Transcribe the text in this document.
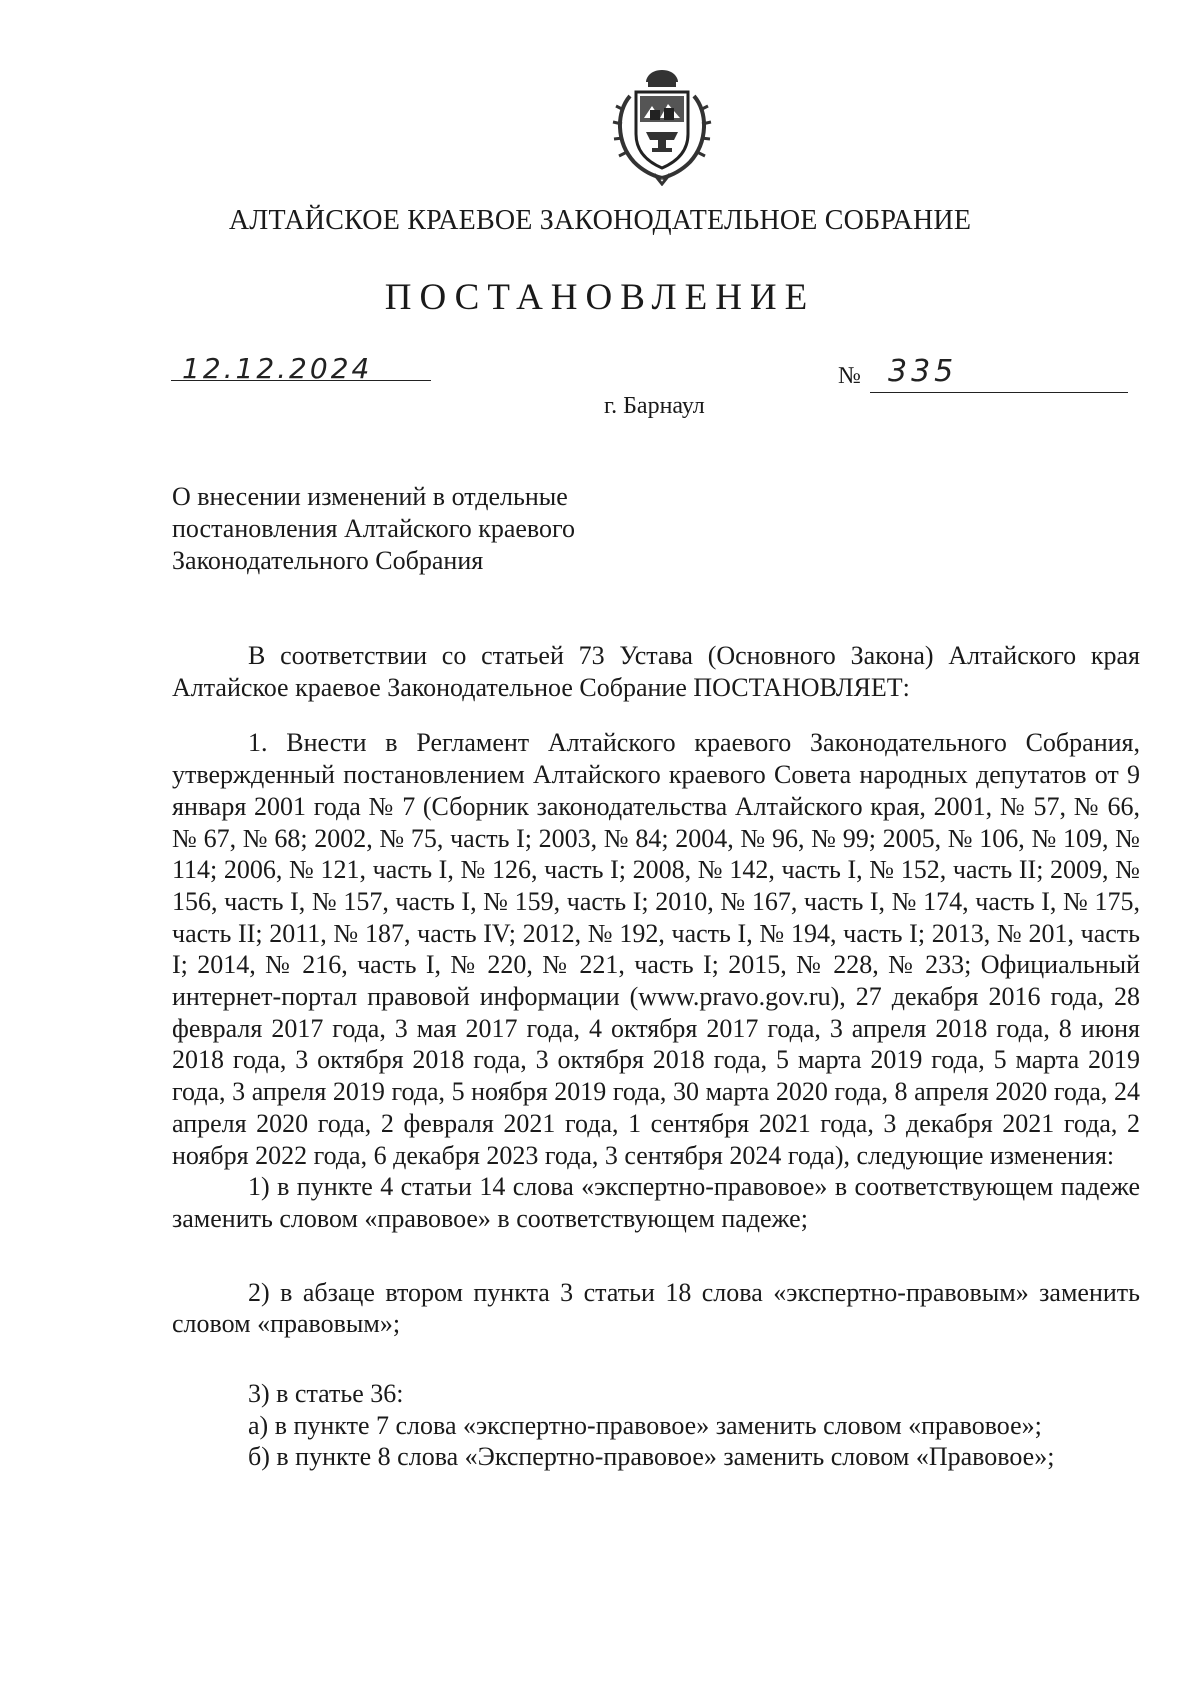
АЛТАЙСКОЕ КРАЕВОЕ ЗАКОНОДАТЕЛЬНОЕ СОБРАНИЕ
ПОСТАНОВЛЕНИЕ
12.12.2024	№ 335
г. Барнаул
О внесении изменений в отдельные
постановления Алтайского краевого
Законодательного Собрания
В соответствии со статьей 73 Устава (Основного Закона) Алтайского края Алтайское краевое Законодательное Собрание ПОСТАНОВЛЯЕТ:
1. Внести в Регламент Алтайского краевого Законодательного Собрания, утвержденный постановлением Алтайского краевого Совета народных депутатов от 9 января 2001 года № 7 (Сборник законодательства Алтайского края, 2001, № 57, № 66, № 67, № 68; 2002, № 75, часть I; 2003, № 84; 2004, № 96, № 99; 2005, № 106, № 109, № 114; 2006, № 121, часть I, № 126, часть I; 2008, № 142, часть I, № 152, часть II; 2009, № 156, часть I, № 157, часть I, № 159, часть I; 2010, № 167, часть I, № 174, часть I, № 175, часть II; 2011, № 187, часть IV; 2012, № 192, часть I, № 194, часть I; 2013, № 201, часть I; 2014, № 216, часть I, № 220, № 221, часть I; 2015, № 228, № 233; Официальный интернет-портал правовой информации (www.pravo.gov.ru), 27 декабря 2016 года, 28 февраля 2017 года, 3 мая 2017 года, 4 октября 2017 года, 3 апреля 2018 года, 8 июня 2018 года, 3 октября 2018 года, 3 октября 2018 года, 5 марта 2019 года, 5 марта 2019 года, 3 апреля 2019 года, 5 ноября 2019 года, 30 марта 2020 года, 8 апреля 2020 года, 24 апреля 2020 года, 2 февраля 2021 года, 1 сентября 2021 года, 3 декабря 2021 года, 2 ноября 2022 года, 6 декабря 2023 года, 3 сентября 2024 года), следующие изменения:
1) в пункте 4 статьи 14 слова «экспертно-правовое» в соответствующем падеже заменить словом «правовое» в соответствующем падеже;
2) в абзаце втором пункта 3 статьи 18 слова «экспертно-правовым» заменить словом «правовым»;
3) в статье 36:
а) в пункте 7 слова «экспертно-правовое» заменить словом «правовое»;
б) в пункте 8 слова «Экспертно-правовое» заменить словом «Правовое»;
